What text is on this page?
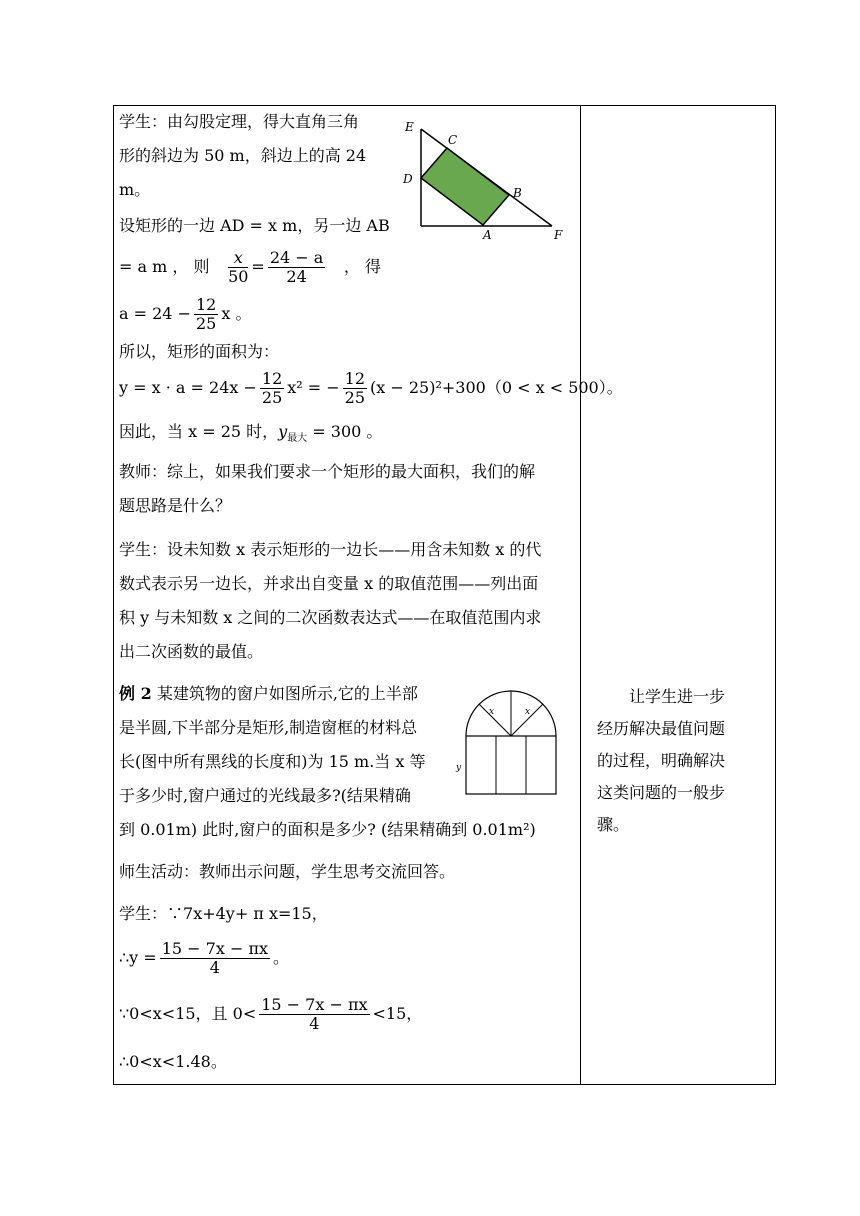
学生：由勾股定理，得大直角三角
形的斜边为 50 m，斜边上的高 24
m。
E
C
D
B
A	F
设矩形的一边 AD = x m，另一边 AB
= a m ， 则 $\frac{x}{50} = \frac{24 - a}{24}$ ， 得
$a = 24 - \frac{12}{25}$ x 。
所以，矩形的面积为：
$y = x \cdot a = 24x - \frac{12}{25} x^2$ = − $\frac{12}{25} (x - 25)^2+300(0 < x < 500)$。
因此，当 x = 25 时，$y_{最大} = 300$ 。
教师：综上，如果我们要求一个矩形的最大面积，我们的解
题思路是什么？
学生：设未知数 x 表示矩形的一边长——用含未知数 x 的代
数式表示另一边长，并求出自变量 x 的取值范围——列出面
积 y 与未知数 x 之间的二次函数表达式——在取值范围内求
出二次函数的最值。
例 2 某建筑物的窗户如图所示,它的上半部
是半圆,下半部分是矩形,制造窗框的材料总
长(图中所有黑线的长度和)为 15 m.当 x 等
于多少时,窗户通过的光线最多?(结果精确
到 0.01m) 此时,窗户的面积是多少? (结果精确到 0.01m²)
x	x
y
师生活动：教师出示问题，学生思考交流回答。
学生：∵7x+4y+ π x=15，
∴y = $\frac{15 - 7x - \pi x}{4}$ 。
∵0<x<15，且 $0< \frac{15 - 7x - \pi x}{4} <15$，
∴0<x<1.48。
让学生进一步
经历解决最值问题
的过程，明确解决
这类问题的一般步
骤。
